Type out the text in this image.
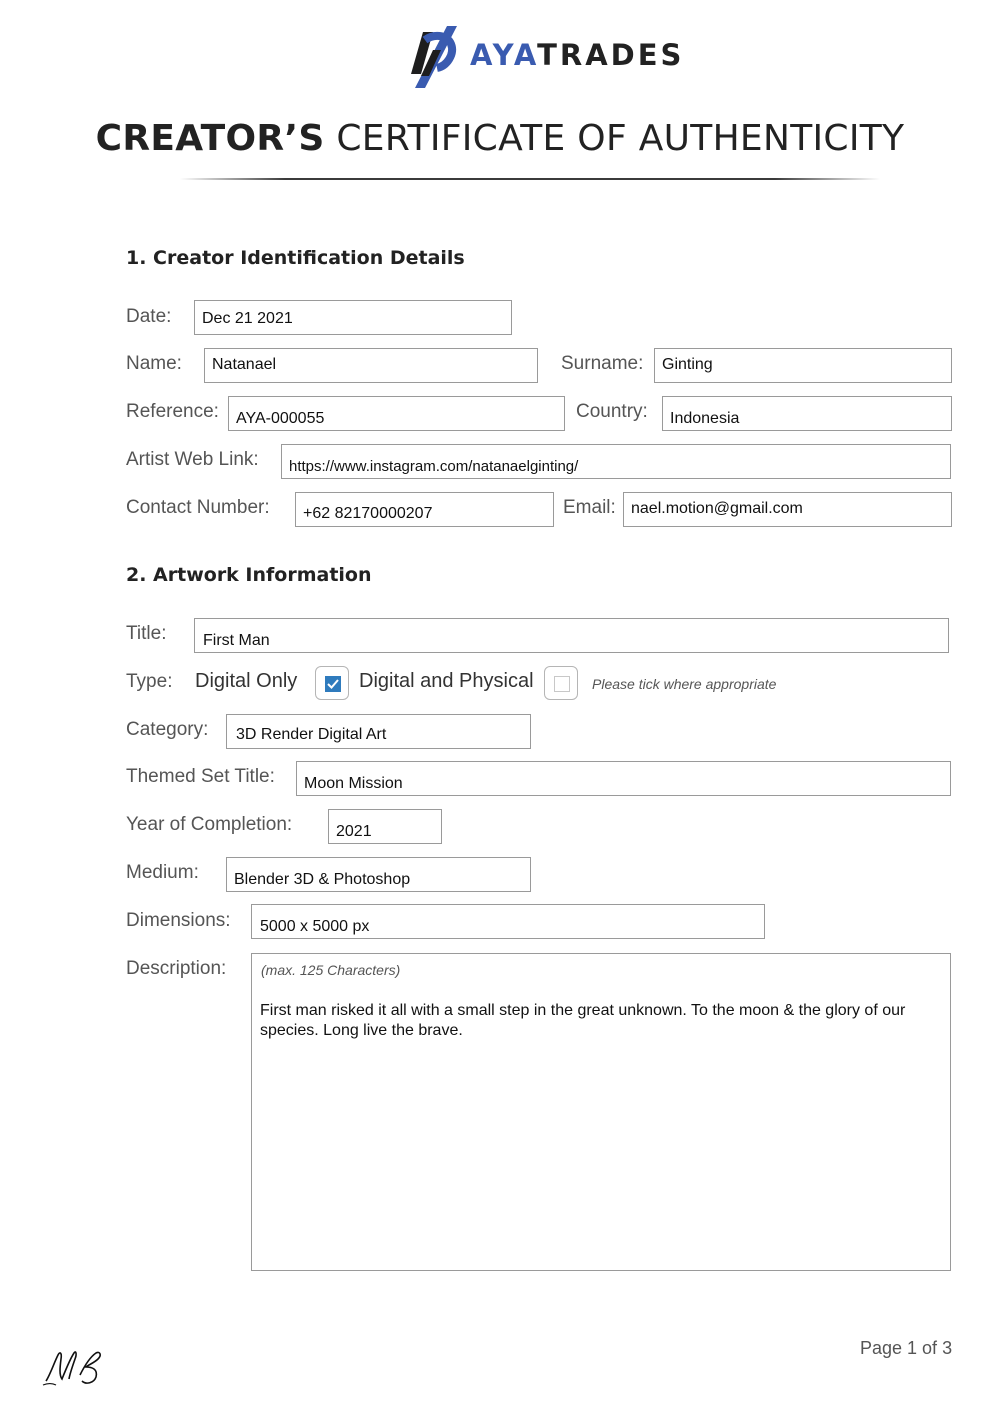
AYATRADES
CREATOR’S CERTIFICATE OF AUTHENTICITY
1. Creator Identification Details
Date: Dec 21 2021
Name: Natanael	Surname: Ginting
Reference: AYA-000055	Country: Indonesia
Artist Web Link: https://www.instagram.com/natanaelginting/
Contact Number: +62 82170000207	Email: nael.motion@gmail.com
2. Artwork Information
Title: First Man
Type: Digital Only	Digital and Physical	Please tick where appropriate
Category: 3D Render Digital Art
Themed Set Title: Moon Mission
Year of Completion:	2021
Medium: Blender 3D & Photoshop
Dimensions: 5000 x 5000 px
Description: (max. 125 Characters)
First man risked it all with a small step in the great unknown. To the moon & the glory of our species. Long live the brave.
Page 1 of 3
